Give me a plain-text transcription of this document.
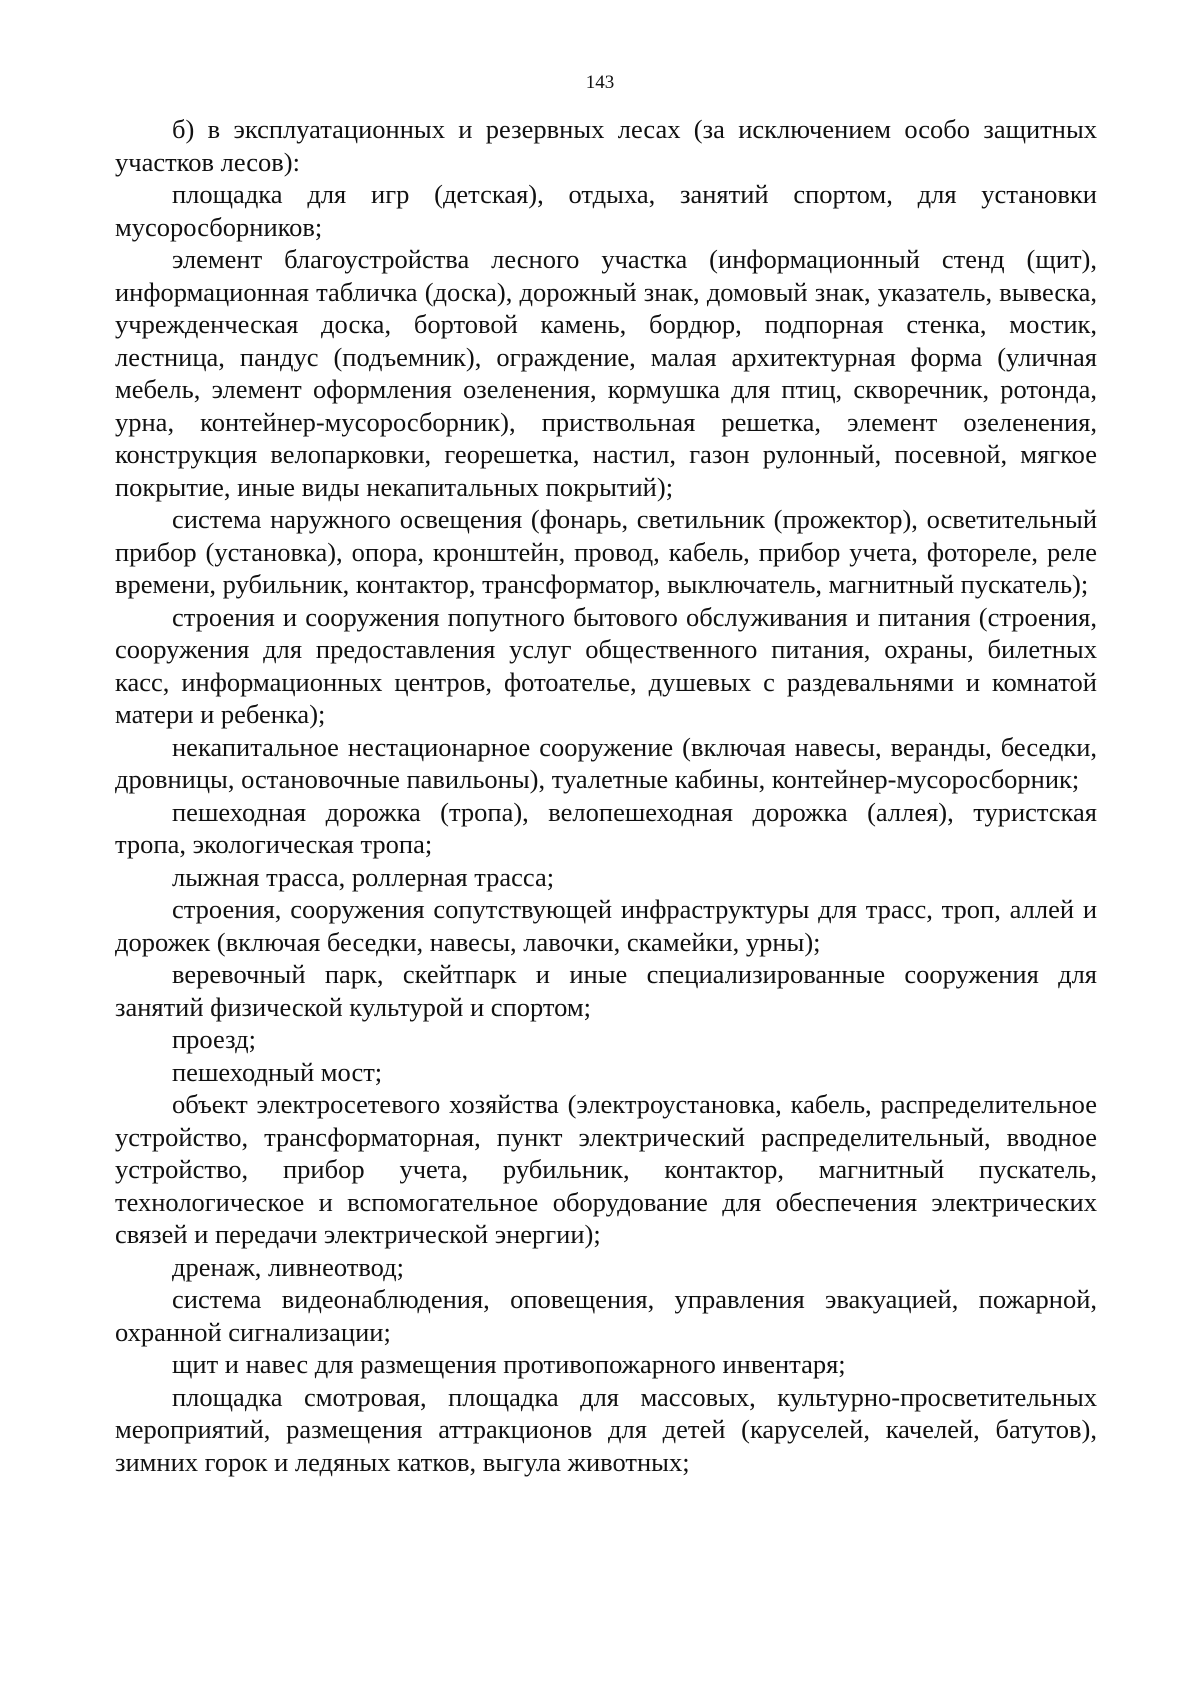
143

б) в эксплуатационных и резервных лесах (за исключением особо защитных участков лесов):

площадка для игр (детская), отдыха, занятий спортом, для установки мусоросборников;

элемент благоустройства лесного участка (информационный стенд (щит), информационная табличка (доска), дорожный знак, домовый знак, указатель, вывеска, учрежденческая доска, бортовой камень, бордюр, подпорная стенка, мостик, лестница, пандус (подъемник), ограждение, малая архитектурная форма (уличная мебель, элемент оформления озеленения, кормушка для птиц, скворечник, ротонда, урна, контейнер-мусоросборник), приствольная решетка, элемент озеленения, конструкция велопарковки, георешетка, настил, газон рулонный, посевной, мягкое покрытие, иные виды некапитальных покрытий);

система наружного освещения (фонарь, светильник (прожектор), осветительный прибор (установка), опора, кронштейн, провод, кабель, прибор учета, фотореле, реле времени, рубильник, контактор, трансформатор, выключатель, магнитный пускатель);

строения и сооружения попутного бытового обслуживания и питания (строения, сооружения для предоставления услуг общественного питания, охраны, билетных касс, информационных центров, фотоателье, душевых с раздевальнями и комнатой матери и ребенка);

некапитальное нестационарное сооружение (включая навесы, веранды, беседки, дровницы, остановочные павильоны), туалетные кабины, контейнер-мусоросборник;

пешеходная дорожка (тропа), велопешеходная дорожка (аллея), туристская тропа, экологическая тропа;

лыжная трасса, роллерная трасса;

строения, сооружения сопутствующей инфраструктуры для трасс, троп, аллей и дорожек (включая беседки, навесы, лавочки, скамейки, урны);

веревочный парк, скейтпарк и иные специализированные сооружения для занятий физической культурой и спортом;

проезд;

пешеходный мост;

объект электросетевого хозяйства (электроустановка, кабель, распределительное устройство, трансформаторная, пункт электрический распределительный, вводное устройство, прибор учета, рубильник, контактор, магнитный пускатель, технологическое и вспомогательное оборудование для обеспечения электрических связей и передачи электрической энергии);

дренаж, ливнеотвод;

система видеонаблюдения, оповещения, управления эвакуацией, пожарной, охранной сигнализации;

щит и навес для размещения противопожарного инвентаря;

площадка смотровая, площадка для массовых, культурно-просветительных мероприятий, размещения аттракционов для детей (каруселей, качелей, батутов), зимних горок и ледяных катков, выгула животных;
